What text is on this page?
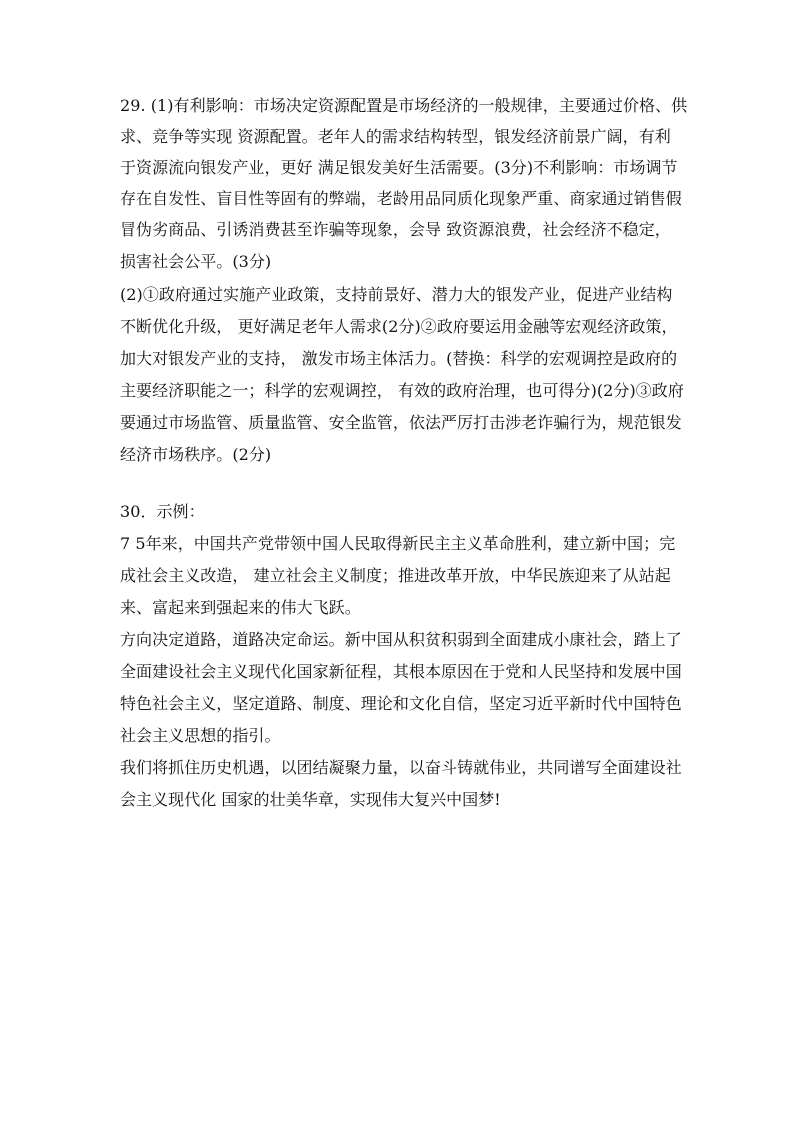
29. (1)有利影响：市场决定资源配置是市场经济的一般规律，主要通过价格、供
求、竞争等实现 资源配置。老年人的需求结构转型，银发经济前景广阔，有利
于资源流向银发产业，更好 满足银发美好生活需要。(3分)不利影响：市场调节
存在自发性、盲目性等固有的弊端，老龄用品同质化现象严重、商家通过销售假
冒伪劣商品、引诱消费甚至诈骗等现象，会导 致资源浪费，社会经济不稳定，
损害社会公平。(3分)
(2)①政府通过实施产业政策，支持前景好、潜力大的银发产业，促进产业结构
不断优化升级， 更好满足老年人需求(2分)②政府要运用金融等宏观经济政策，
加大对银发产业的支持， 激发市场主体活力。(替换：科学的宏观调控是政府的
主要经济职能之一；科学的宏观调控， 有效的政府治理，也可得分)(2分)③政府
要通过市场监管、质量监管、安全监管，依法严厉打击涉老诈骗行为，规范银发
经济市场秩序。(2分)
30．示例：
7 5年来，中国共产党带领中国人民取得新民主主义革命胜利，建立新中国；完
成社会主义改造， 建立社会主义制度；推进改革开放，中华民族迎来了从站起
来、富起来到强起来的伟大飞跃。
方向决定道路，道路决定命运。新中国从积贫积弱到全面建成小康社会，踏上了
全面建设社会主义现代化国家新征程，其根本原因在于党和人民坚持和发展中国
特色社会主义，坚定道路、制度、理论和文化自信，坚定习近平新时代中国特色
社会主义思想的指引。
我们将抓住历史机遇，以团结凝聚力量，以奋斗铸就伟业，共同谱写全面建设社
会主义现代化 国家的壮美华章，实现伟大复兴中国梦!
